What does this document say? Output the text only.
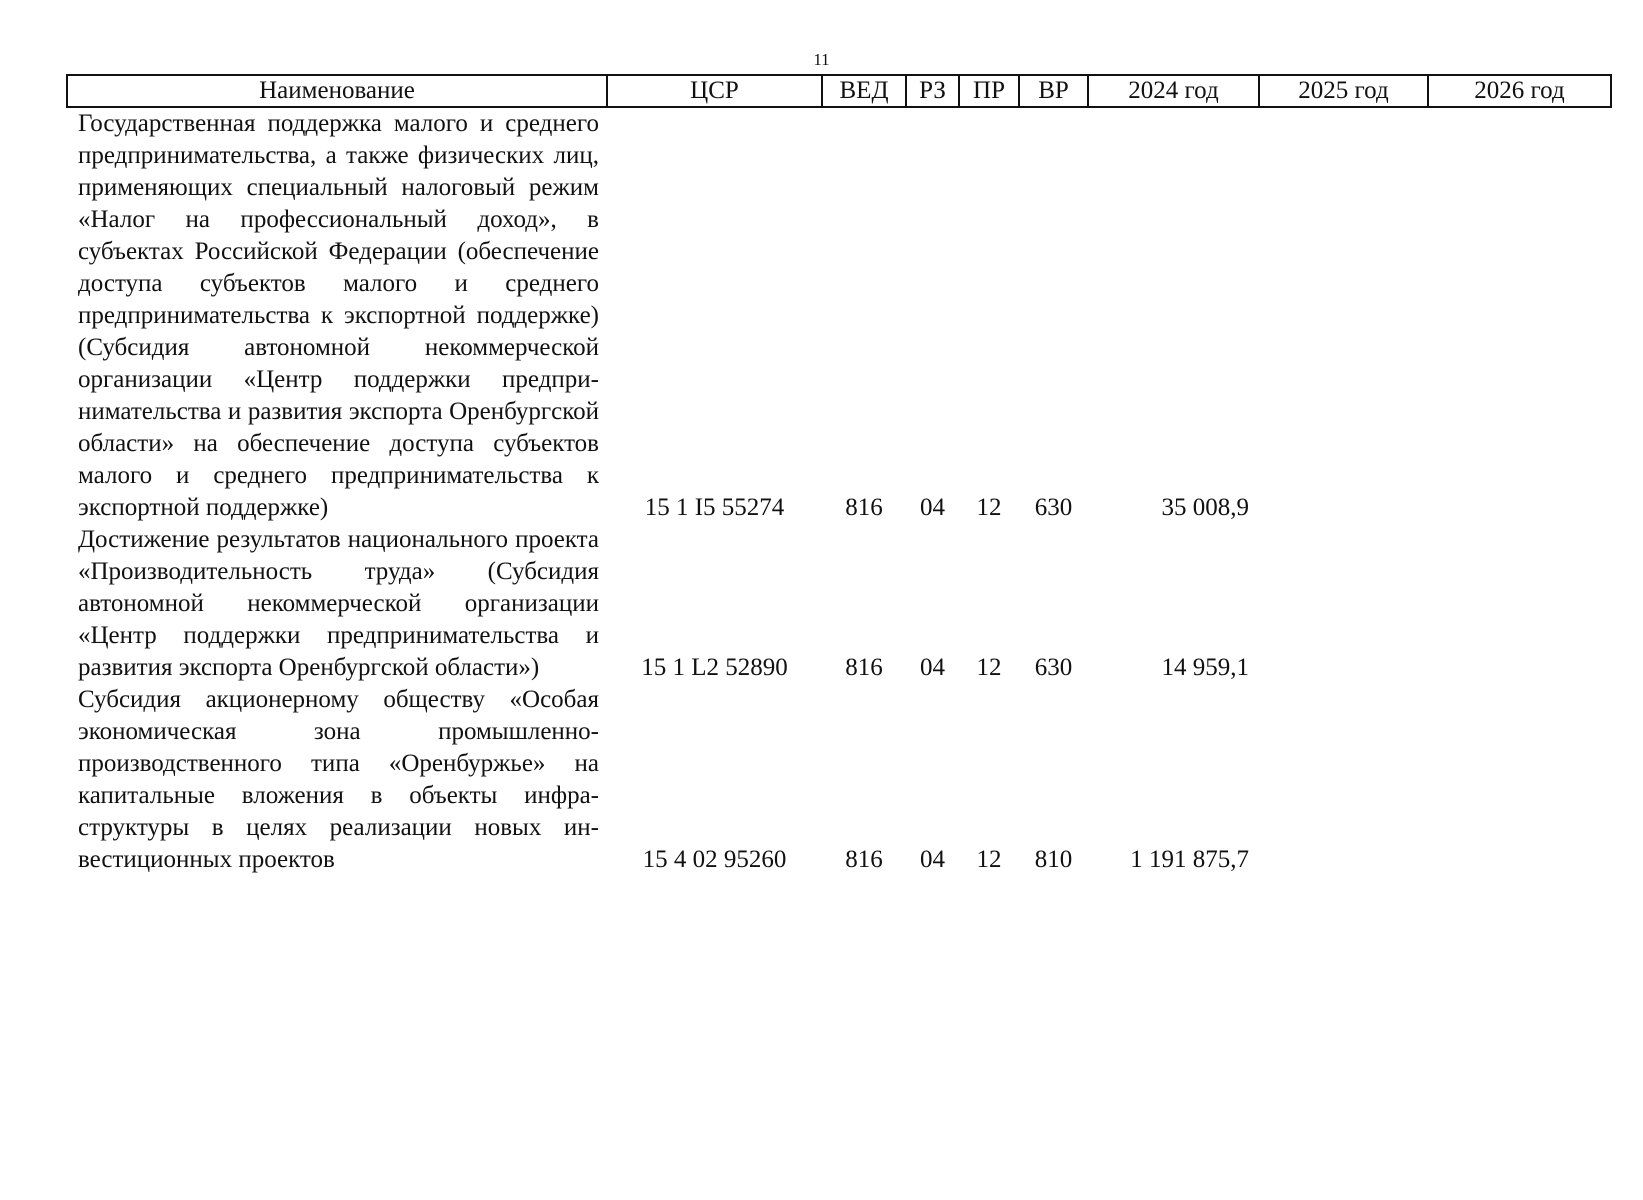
11
Наименование	ЦСР	ВЕД	РЗ	ПР	ВР	2024 год	2025 год	2026 год
Государственная поддержка малого и среднего предпринимательства, а также физических лиц, применяющих специальный налоговый режим «Налог на профессиональный доход», в субъектах Российской Федерации (обеспечение доступа субъектов малого и среднего предпринимательства к экспортной поддержке) (Субсидия автономной некоммерческой организации «Центр поддержки предпринимательства и развития экспорта Оренбургской области» на обеспечение доступа субъектов малого и среднего предпринимательства к экспортной поддержке)	15 1 I5 55274	816	04	12	630	35 008,9		
Достижение результатов национального проекта «Производительность труда» (Субсидия автономной некоммерческой организации «Центр поддержки предпринимательства и развития экспорта Оренбургской области»)	15 1 L2 52890	816	04	12	630	14 959,1		
Субсидия акционерному обществу «Особая экономическая зона промышленно-производственного типа «Оренбуржье» на капитальные вложения в объекты инфраструктуры в целях реализации новых инвестиционных проектов	15 4 02 95260	816	04	12	810	1 191 875,7		
